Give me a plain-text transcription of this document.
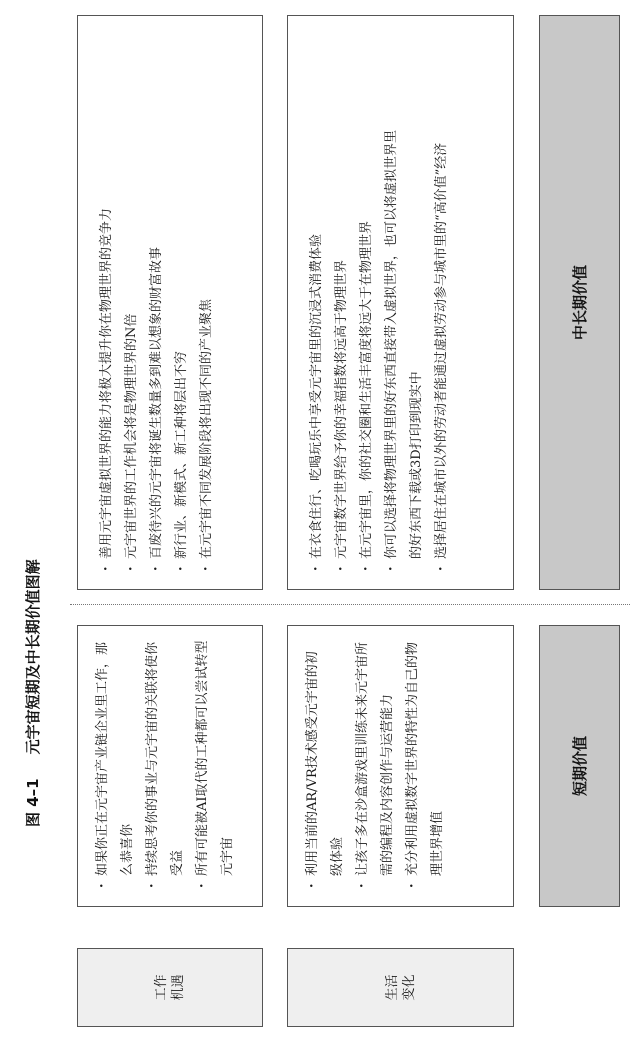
生活 变化
工作 机遇
短期价值
中长期价值
· 利用当前的AR/VR技术感受元宇宙的初级体验 · 让孩子多在沙盒游戏里训练未来元宇宙所需的编程及内容创作与运营能力 · 充分利用虚拟数字世界的特性为自己的物理世界增值
· 如果你正在元宇宙产业链企业里工作，那么恭喜你 · 持续思考你的事业与元宇宙的关联将使你受益 · 所有可能被AI取代的工种都可以尝试转型元宇宙
· 在衣食住行、吃喝玩乐中享受元宇宙里的沉浸式消费体验 · 元宇宙数字世界给予你的幸福指数将远高于物理世界 · 在元宇宙里，你的社交圈和生活丰富度将远大于在物理世界 · 你可以选择将物理世界里的好东西直接带入虚拟世界，也可以将虚拟世界里的好东西下载或3D打印到现实中 · 选择居住在城市以外的劳动者能通过虚拟劳动参与城市里的“高价值”经济
· 善用元宇宙虚拟世界的能力将极大提升你在物理世界的竞争力 · 元宇宙世界的工作机会将是物理世界的N倍 · 百废待兴的元宇宙将诞生数量多到难以想象的财富故事 · 新行业、新模式、新工种将层出不穷 · 在元宇宙不同发展阶段将出现不同的产业聚焦
图 4–1元宇宙短期及中长期价值图解
